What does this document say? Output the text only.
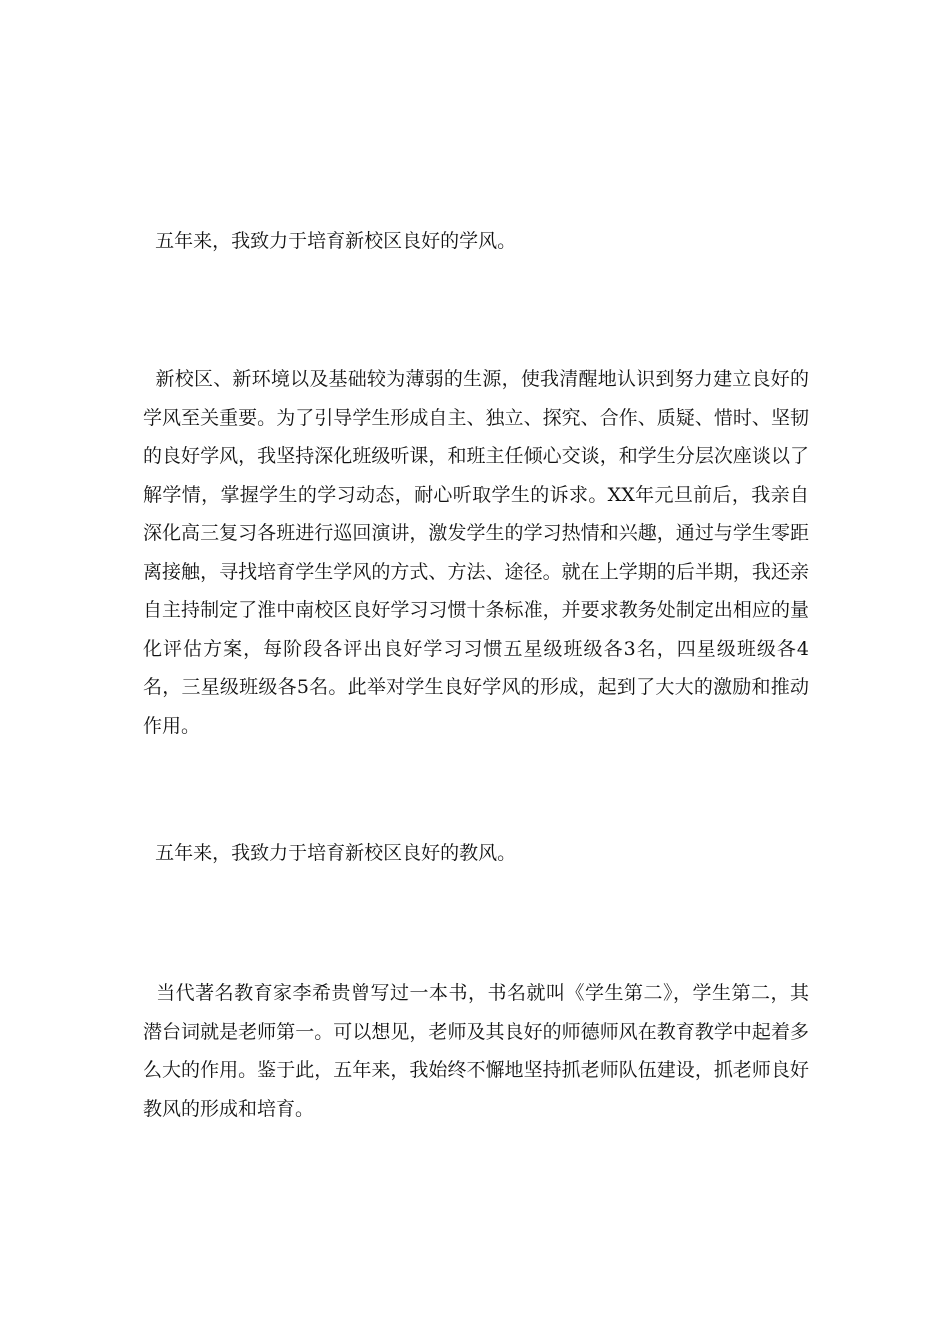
五年来，我致力于培育新校区良好的学风。

新校区、新环境以及基础较为薄弱的生源，使我清醒地认识到努力建立良好的学风至关重要。为了引导学生形成自主、独立、探究、合作、质疑、惜时、坚韧的良好学风，我坚持深化班级听课，和班主任倾心交谈，和学生分层次座谈以了解学情，掌握学生的学习动态，耐心听取学生的诉求。XX年元旦前后，我亲自深化高三复习各班进行巡回演讲，激发学生的学习热情和兴趣，通过与学生零距离接触，寻找培育学生学风的方式、方法、途径。就在上学期的后半期，我还亲自主持制定了淮中南校区良好学习习惯十条标准，并要求教务处制定出相应的量化评估方案，每阶段各评出良好学习习惯五星级班级各3名，四星级班级各4名，三星级班级各5名。此举对学生良好学风的形成，起到了大大的激励和推动作用。

五年来，我致力于培育新校区良好的教风。

当代著名教育家李希贵曾写过一本书，书名就叫《学生第二》，学生第二，其潜台词就是老师第一。可以想见，老师及其良好的师德师风在教育教学中起着多么大的作用。鉴于此，五年来，我始终不懈地坚持抓老师队伍建设，抓老师良好教风的形成和培育。
